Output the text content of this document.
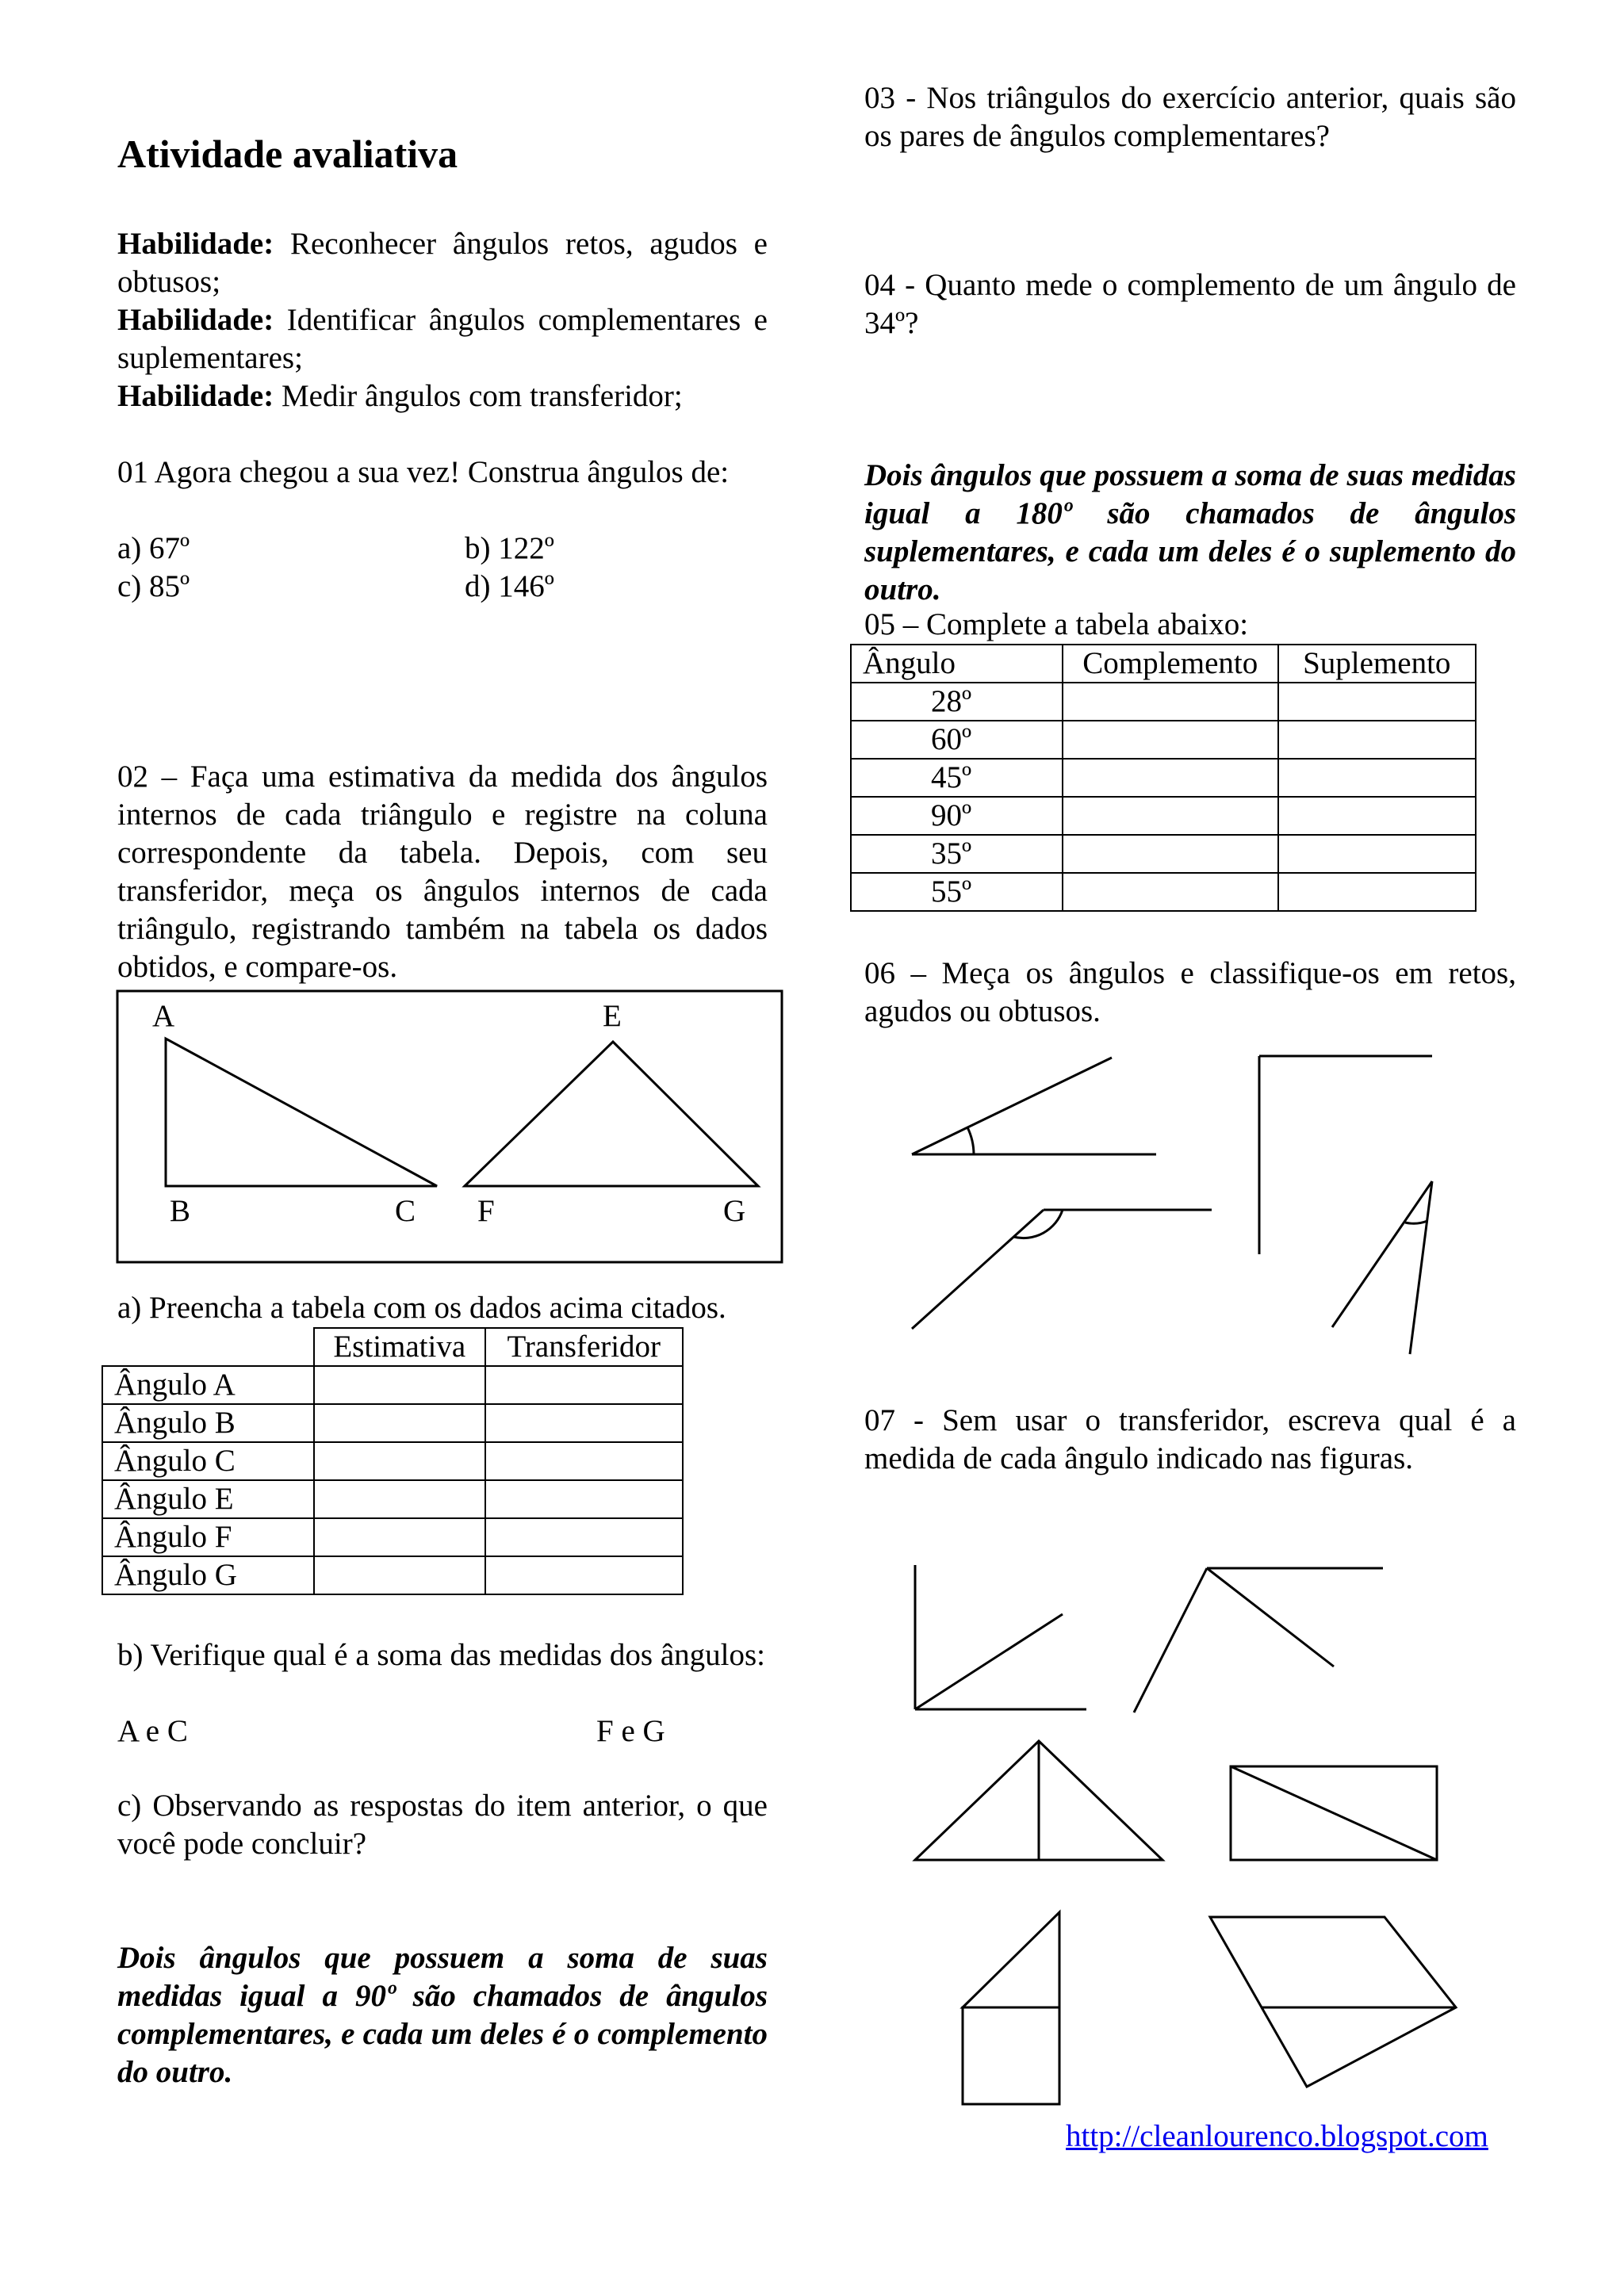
Atividade avaliativa

Habilidade: Reconhecer ângulos retos, agudos e obtusos;
Habilidade: Identificar ângulos complementares e suplementares;
Habilidade: Medir ângulos com transferidor;

01 Agora chegou a sua vez! Construa ângulos de:

a) 67º	b) 122º
c) 85º	d) 146º

02 – Faça uma estimativa da medida dos ângulos internos de cada triângulo e registre na coluna correspondente da tabela. Depois, com seu transferidor, meça os ângulos internos de cada triângulo, registrando também na tabela os dados obtidos, e compare-os.

A
B	C
E
F	G

a) Preencha a tabela com os dados acima citados.

	Estimativa	Transferidor
Ângulo A		
Ângulo B		
Ângulo C		
Ângulo E		
Ângulo F		
Ângulo G		

b) Verifique qual é a soma das medidas dos ângulos:

A e C	F e G

c) Observando as respostas do item anterior, o que você pode concluir?

Dois ângulos que possuem a soma de suas medidas igual a 90º são chamados de ângulos complementares, e cada um deles é o complemento do outro.

03 - Nos triângulos do exercício anterior, quais são os pares de ângulos complementares?

04 - Quanto mede o complemento de um ângulo de 34º?

Dois ângulos que possuem a soma de suas medidas igual a 180º são chamados de ângulos suplementares, e cada um deles é o suplemento do outro.

05 – Complete a tabela abaixo:

Ângulo	Complemento	Suplemento
28º		
60º		
45º		
90º		
35º		
55º		

06 – Meça os ângulos e classifique-os em retos, agudos ou obtusos.

07 - Sem usar o transferidor, escreva qual é a medida de cada ângulo indicado nas figuras.

http://cleanlourenco.blogspot.com
